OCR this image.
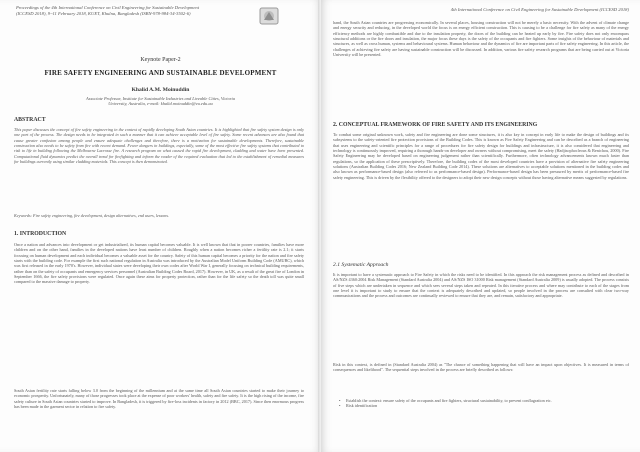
Proceedings of the 4th International Conference on Civil Engineering for Sustainable Development
(ICCESD 2018), 9~11 February 2018, KUET, Khulna, Bangladesh (ISBN-978-984-34-3502-6)
Keynote Paper-2
FIRE SAFETY ENGINEERING AND SUSTAINABLE DEVELOPMENT
Khalid A.M. Moinuddin
Associate Professor, Institute for Sustainable Industries and Liveable Cities, Victoria
University, Australia, e-mail: khalid.moinuddin@vu.edu.au
ABSTRACT

This paper discusses the concept of fire safety engineering in the context of rapidly developing South Asian countries. It is highlighted that fire safety system design is only one part of the process. The design needs to be integrated in such a manner that it can achieve acceptable level of fire safety. Some recent advances are also found that cause greater confusion among people and ensure adequate challenges and therefore, there is a motivation for sustainable developments. Therefore, sustainable construction also needs to be safety from fire with recent demand. Fewer dangers in buildings, especially, some of the most effective fire safety systems that contributed to risk to life in building following the Melbourne Lacrosse fire. A research program on what caused the rapid fire development, cladding and water have been presented. Computational fluid dynamics predict the overall trend for firefighting and inform the reader of the required evaluation that led to the establishment of remedial measures for buildings currently using similar cladding materials. This concept is then demonstrated.

Keywords: Fire safety engineering, fire development, design alternatives, end users, lessons.

1. INTRODUCTION

Once a nation and advances into development or get industrialized, its human capital becomes valuable. It is well known that that in poorer countries, families have more children and on the other hand, families in the developed nations have least number of children. Roughly when a nation becomes richer a fertility rate is 2.1; it starts focusing on human development and each individual becomes a valuable asset for the country. Safety of this human capital becomes a priority for the nation and fire safety starts with the building code. For example the first such national regulation in Australia was introduced by the Australian Model Uniform Building Code (AMUBC), which was first released in the early 1970's. However, individual states were developing their own codes after World War I, generally focusing on technical building requirements, rather than on the safety of occupants and emergency services personnel (Australian Building Codes Board, 2017). However, in UK, as a result of the great fire of London in September 1666, the fire safety provisions were regulated. Once again these aims for property protection, rather than for the life safety so the death toll was quite small compared to the massive damage to property.

South Asian fertility rate starts falling below 3.0 from the beginning of the millennium and at the same time all South Asian countries started to make their journey to economic prosperity. Unfortunately, many of those progresses took place at the expense of poor workers' health, safety and fire safety. It is the high rising of the income, fire safety culture in South Asian countries started to improve. In Bangladesh, it is triggered by fire-loss incidents in factory in 2012 (BBC, 2017). Since then enormous progress has been made in the garment sector in relation to fire safety.

4th International Conference on Civil Engineering for Sustainable Development (ICCESD 2018)

hand, the South Asian countries are progressing economically. In several places, housing construction will not be merely a basic necessity. With the advent of climate change and energy security and reducing, in the developed world the focus is on energy efficient construction. This is causing to be a challenge for fire safety as many of the energy efficiency methods are highly combustible and due to the insulation property, the doors of the building can be heated up early by fire. Fire safety does not only encompass structural additions or the fire doors and insulation, the major focus these days is the safety of the occupants and fire fighters. Some insights of the behaviour of materials and structures, as well as cross human, systems and behavioural systems. Human behaviour and the dynamics of fire are important parts of fire safety engineering. In this article, the challenges of achieving fire safety are having sustainable construction will be discussed. In addition, various fire safety research programs that are being carried out at Victoria University will be presented.

2. CONCEPTUAL FRAMEWORK OF FIRE SAFETY AND ITS ENGINEERING

To combat some original unknown work, safety and fire engineering are done some structures, it is also key in concept in early life to make the design of buildings and its subsystems to the safety-oriented fire protection provisions of the Building Codes. This is known as Fire Safety Engineering and can be described as a branch of engineering that uses engineering and scientific principles for a range of procedures for fire safety design for buildings and infrastructure, it is also considered that engineering and technology is continuously improved, requiring a thorough hands-on developer and owners without compromising, meet the safety (Hadjisophocleous & Benichou, 2000). Fire Safety Engineering may be developed based on engineering judgement rather than scientifically. Furthermore, often technology advancements known much faster than regulations, so the application of these prescriptively. Therefore, the building codes of the most developed countries have a provision of alternative fire safety engineering solutions (Australian Building Codes 2016; New Zealand Building Code 2014). These solutions are alternatives to acceptable solutions mentioned in the building codes and also known as performance-based design (also referred to as performance-based design). Performance-based design has been pressured by merits of performance-based fire safety engineering. This is driven by the flexibility offered to the designers to adopt their new design concepts without those having alternative means suggested by regulations.

2.1 Systematic Approach

It is important to have a systematic approach to Fire Safety in which the risks need to be identified. In this approach the risk management process as defined and described in AS/NZS 4360:2004 Risk Management (Standard Australia 2004) and AS/NZS ISO 31000 Risk management (Standard Australia 2009) is usually adopted. The process consists of five steps which are undertaken in sequence and which sees several steps taken and repeated. In this iterative process and where may contribute to each of the stages from one level it is important to study to ensure that the context is adequately described and updated, so people involved in the process are consulted with clear two-way communications and the process and outcomes are continually reviewed to ensure that they are, and remain, satisfactory and appropriate.

Risk in this context, is defined in (Standard Australia 2004) as "The chance of something happening that will have an impact upon objectives. It is measured in terms of consequences and likelihood". The sequential steps involved in the process are briefly described as follows:

• Establish the context: ensure safety of the occupants and fire fighters, structural sustainability, to prevent conflagration etc.

• Risk identification
